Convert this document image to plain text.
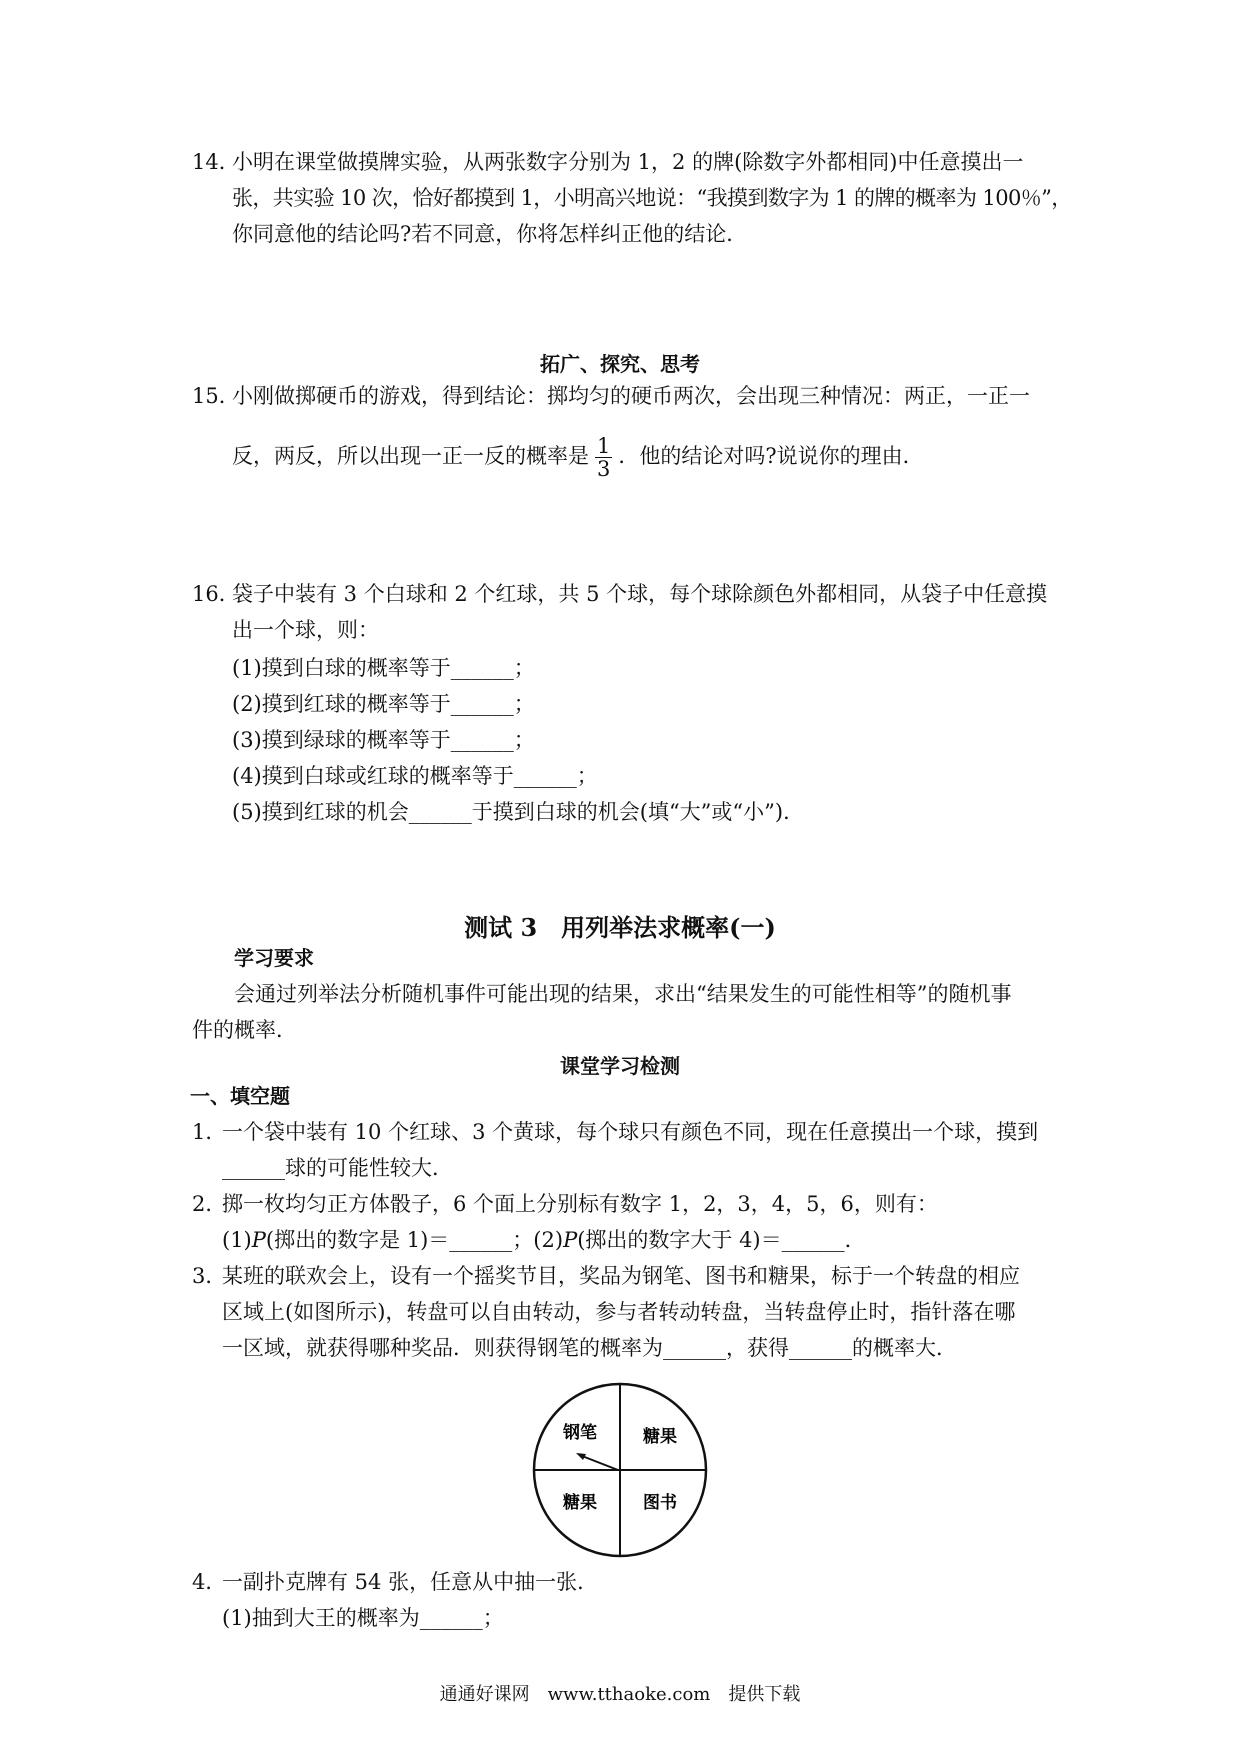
14．
小明在课堂做摸牌实验，从两张数字分别为 1，2 的牌(除数字外都相同)中任意摸出一
张，共实验 10 次，恰好都摸到 1，小明高兴地说：“我摸到数字为 1 的牌的概率为 100％”，
你同意他的结论吗?若不同意，你将怎样纠正他的结论．
拓广、探究、思考
15．
小刚做掷硬币的游戏，得到结论：掷均匀的硬币两次，会出现三种情况：两正，一正一
反，两反，所以出现一正一反的概率是 $\frac{1}{3}$ ．他的结论对吗?说说你的理由．
16．
袋子中装有 3 个白球和 2 个红球，共 5 个球，每个球除颜色外都相同，从袋子中任意摸
出一个球，则：
(1)摸到白球的概率等于______；
(2)摸到红球的概率等于______；
(3)摸到绿球的概率等于______；
(4)摸到白球或红球的概率等于______；
(5)摸到红球的机会______于摸到白球的机会(填“大”或“小”)．
测试 3　用列举法求概率(一)
学习要求
会通过列举法分析随机事件可能出现的结果，求出“结果发生的可能性相等”的随机事
件的概率．
课堂学习检测
一、填空题
1．
一个袋中装有 10 个红球、3 个黄球，每个球只有颜色不同，现在任意摸出一个球，摸到
______球的可能性较大．
2．
掷一枚均匀正方体骰子，6 个面上分别标有数字 1，2，3，4，5，6，则有：
(1)P(掷出的数字是 1)＝______；(2)P(掷出的数字大于 4)＝______．
3．
某班的联欢会上，设有一个摇奖节目，奖品为钢笔、图书和糖果，标于一个转盘的相应
区域上(如图所示)，转盘可以自由转动，参与者转动转盘，当转盘停止时，指针落在哪
一区域，就获得哪种奖品．则获得钢笔的概率为______，获得______的概率大．
钢笔	糖果
糖果	图书
4．
一副扑克牌有 54 张，任意从中抽一张．
(1)抽到大王的概率为______；
通通好课网　www.tthaoke.com　提供下载
